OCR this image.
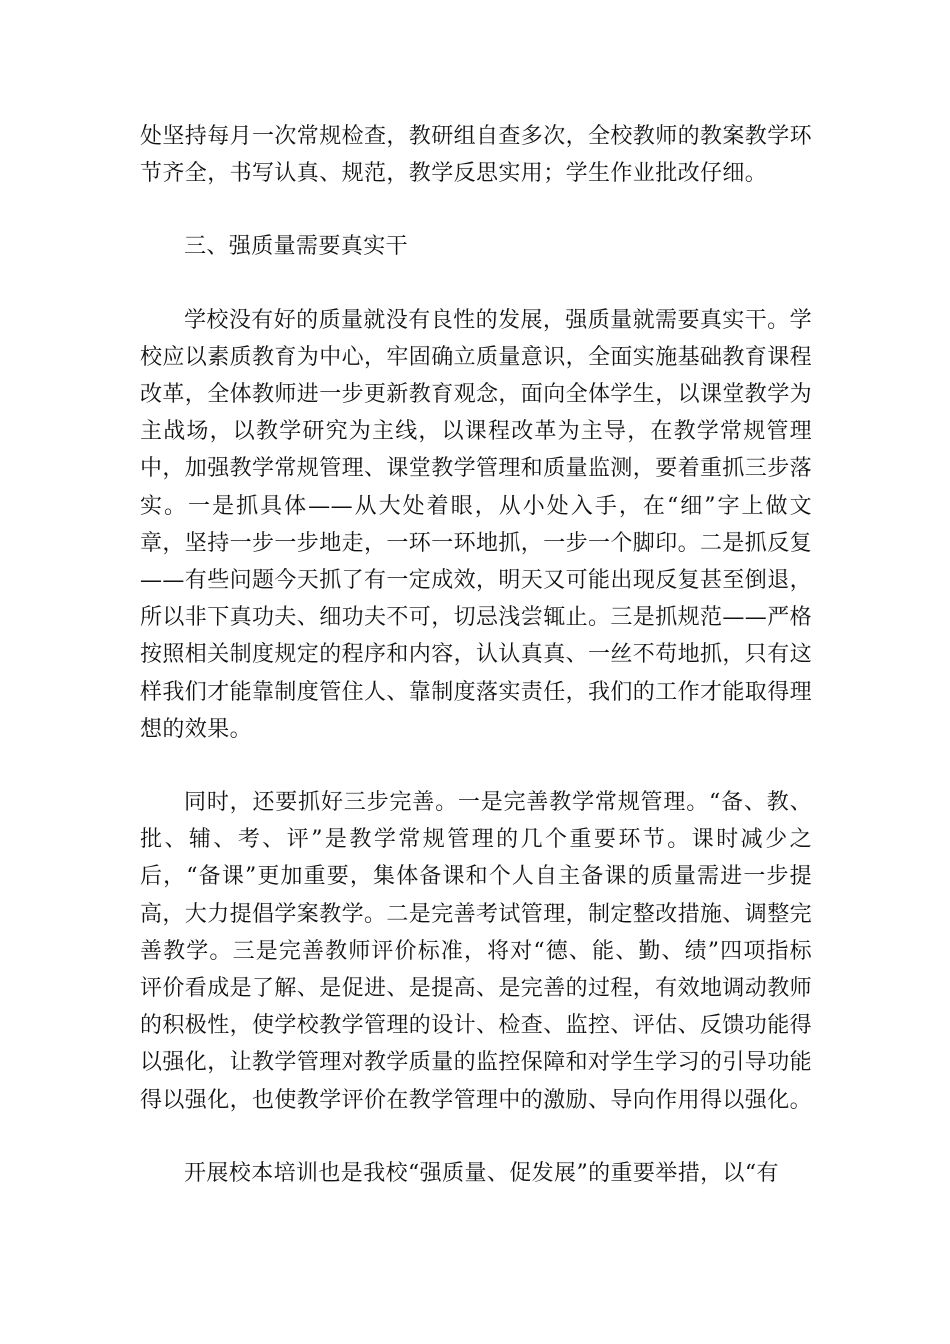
处坚持每月一次常规检查，教研组自查多次，全校教师的教案教学环节齐全，书写认真、规范，教学反思实用；学生作业批改仔细。

三、强质量需要真实干

学校没有好的质量就没有良性的发展，强质量就需要真实干。学校应以素质教育为中心，牢固确立质量意识，全面实施基础教育课程改革，全体教师进一步更新教育观念，面向全体学生，以课堂教学为主战场，以教学研究为主线，以课程改革为主导，在教学常规管理中，加强教学常规管理、课堂教学管理和质量监测，要着重抓三步落实。一是抓具体——从大处着眼，从小处入手，在“细”字上做文章，坚持一步一步地走，一环一环地抓，一步一个脚印。二是抓反复——有些问题今天抓了有一定成效，明天又可能出现反复甚至倒退，所以非下真功夫、细功夫不可，切忌浅尝辄止。三是抓规范——严格按照相关制度规定的程序和内容，认认真真、一丝不苟地抓，只有这样我们才能靠制度管住人、靠制度落实责任，我们的工作才能取得理想的效果。

同时，还要抓好三步完善。一是完善教学常规管理。“备、教、批、辅、考、评”是教学常规管理的几个重要环节。课时减少之后，“备课”更加重要，集体备课和个人自主备课的质量需进一步提高，大力提倡学案教学。二是完善考试管理，制定整改措施、调整完善教学。三是完善教师评价标准，将对“德、能、勤、绩”四项指标评价看成是了解、是促进、是提高、是完善的过程，有效地调动教师的积极性，使学校教学管理的设计、检查、监控、评估、反馈功能得以强化，让教学管理对教学质量的监控保障和对学生学习的引导功能得以强化，也使教学评价在教学管理中的激励、导向作用得以强化。

开展校本培训也是我校“强质量、促发展”的重要举措，以“有
